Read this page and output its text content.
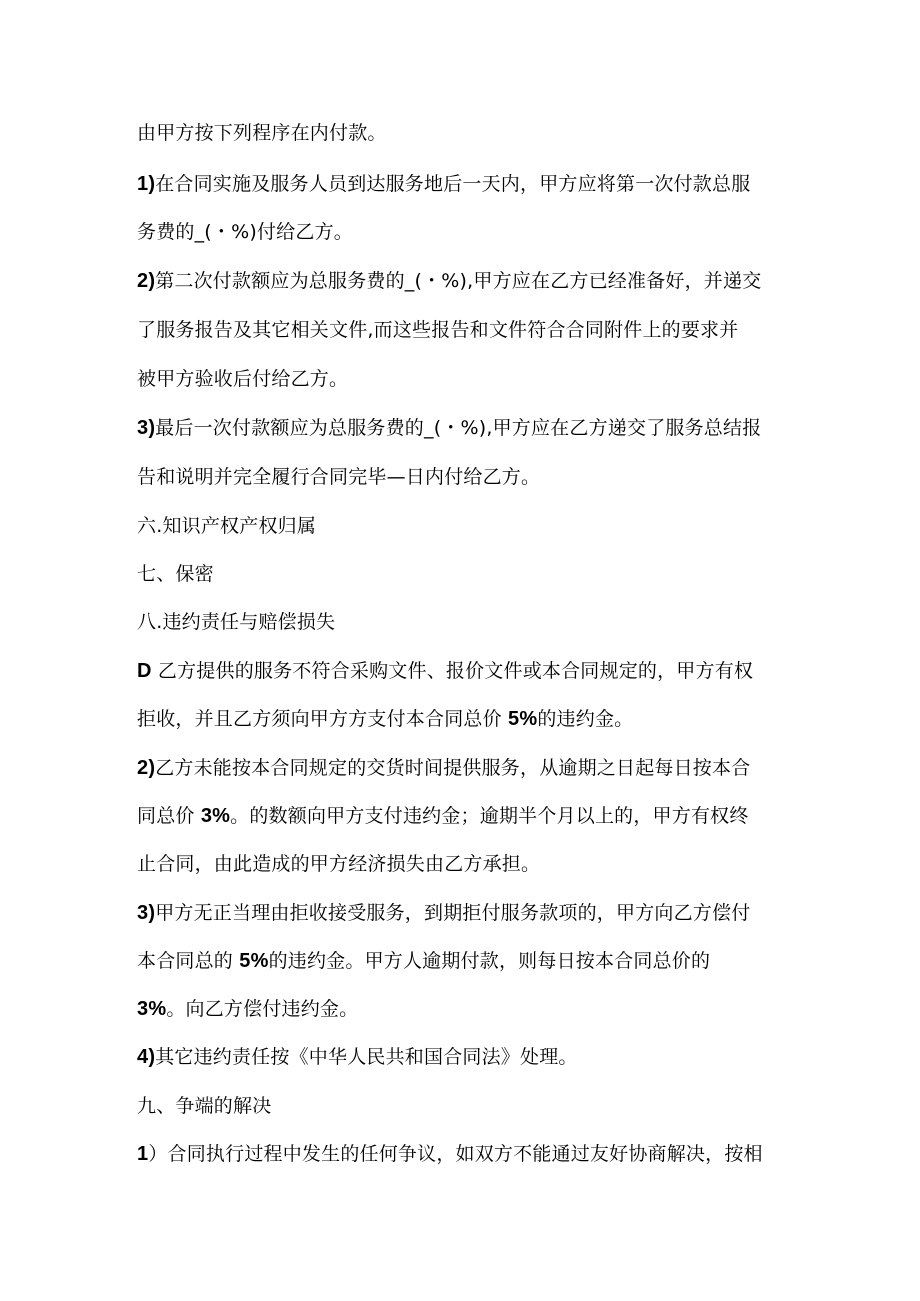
由甲方按下列程序在内付款。
1)在合同实施及服务人员到达服务地后一天内，甲方应将第一次付款总服
务费的_(・%)付给乙方。
2)第二次付款额应为总服务费的_(・%),甲方应在乙方已经准备好，并递交
了服务报告及其它相关文件,而这些报告和文件符合合同附件上的要求并
被甲方验收后付给乙方。
3)最后一次付款额应为总服务费的_(・%),甲方应在乙方递交了服务总结报
告和说明并完全履行合同完毕—日内付给乙方。
六.知识产权产权归属
七、保密
八.违约责任与赔偿损失
D 乙方提供的服务不符合采购文件、报价文件或本合同规定的，甲方有权
拒收，并且乙方须向甲方方支付本合同总价 5%的违约金。
2)乙方未能按本合同规定的交货时间提供服务，从逾期之日起每日按本合
同总价 3%。的数额向甲方支付违约金；逾期半个月以上的，甲方有权终
止合同，由此造成的甲方经济损失由乙方承担。
3)甲方无正当理由拒收接受服务，到期拒付服务款项的，甲方向乙方偿付
本合同总的 5%的违约金。甲方人逾期付款，则每日按本合同总价的
3%。向乙方偿付违约金。
4)其它违约责任按《中华人民共和国合同法》处理。
九、争端的解决
1）合同执行过程中发生的任何争议，如双方不能通过友好协商解决，按相
